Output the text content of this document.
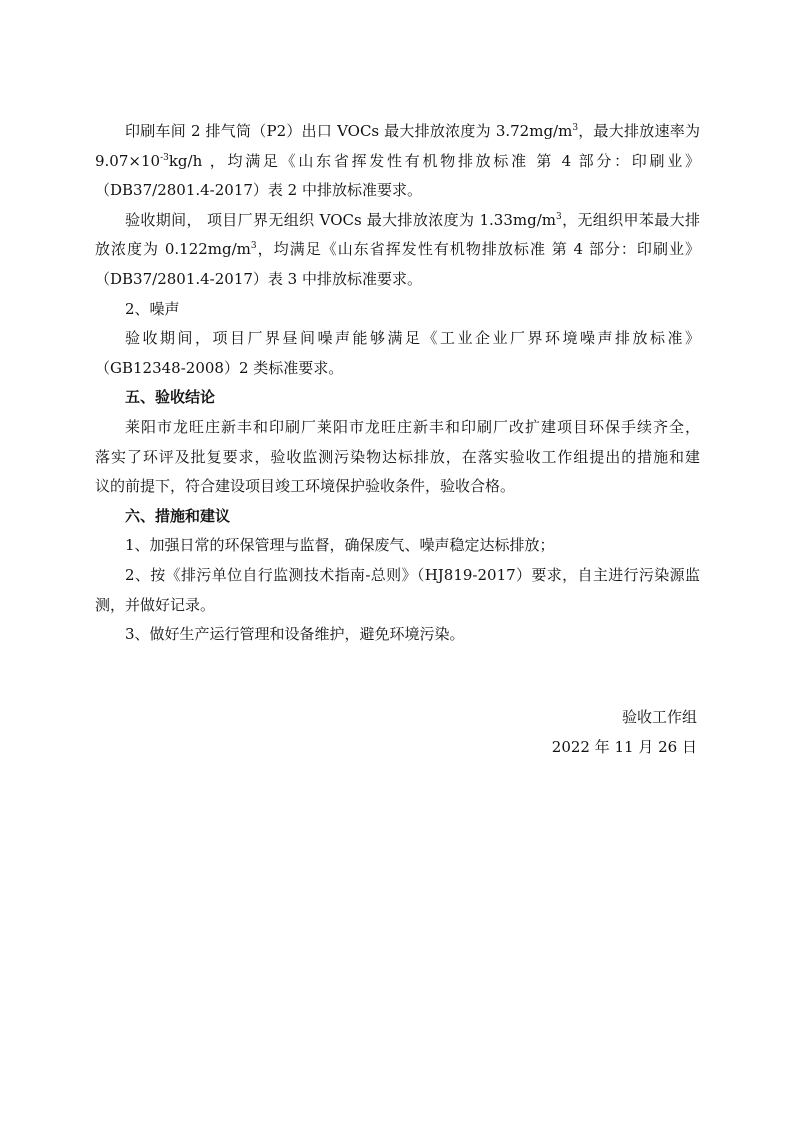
印刷车间 2 排气筒（P2）出口 VOCs 最大排放浓度为 $3.72mg/m^3$，最大排放速率为
$9.07\times 10^{-3}kg/h$ ，均满足《山东省挥发性有机物排放标准 第 4 部分：印刷业》
（DB37/2801.4-2017）表 2 中排放标准要求。
验收期间， 项目厂界无组织 VOCs 最大排放浓度为 $1.33mg/m^3$，无组织甲苯最大排
放浓度为 $0.122mg/m^3$，均满足《山东省挥发性有机物排放标准 第 4 部分：印刷业》
（DB37/2801.4-2017）表 3 中排放标准要求。
2、噪声
验收期间，项目厂界昼间噪声能够满足《工业企业厂界环境噪声排放标准》
（GB12348-2008）2 类标准要求。
五、验收结论
莱阳市龙旺庄新丰和印刷厂莱阳市龙旺庄新丰和印刷厂改扩建项目环保手续齐全，
落实了环评及批复要求，验收监测污染物达标排放，在落实验收工作组提出的措施和建
议的前提下，符合建设项目竣工环境保护验收条件，验收合格。
六、措施和建议
1、加强日常的环保管理与监督，确保废气、噪声稳定达标排放；
2、按《排污单位自行监测技术指南-总则》（HJ819-2017）要求，自主进行污染源监
测，并做好记录。
3、做好生产运行管理和设备维护，避免环境污染。
验收工作组
2022 年 11 月 26 日
